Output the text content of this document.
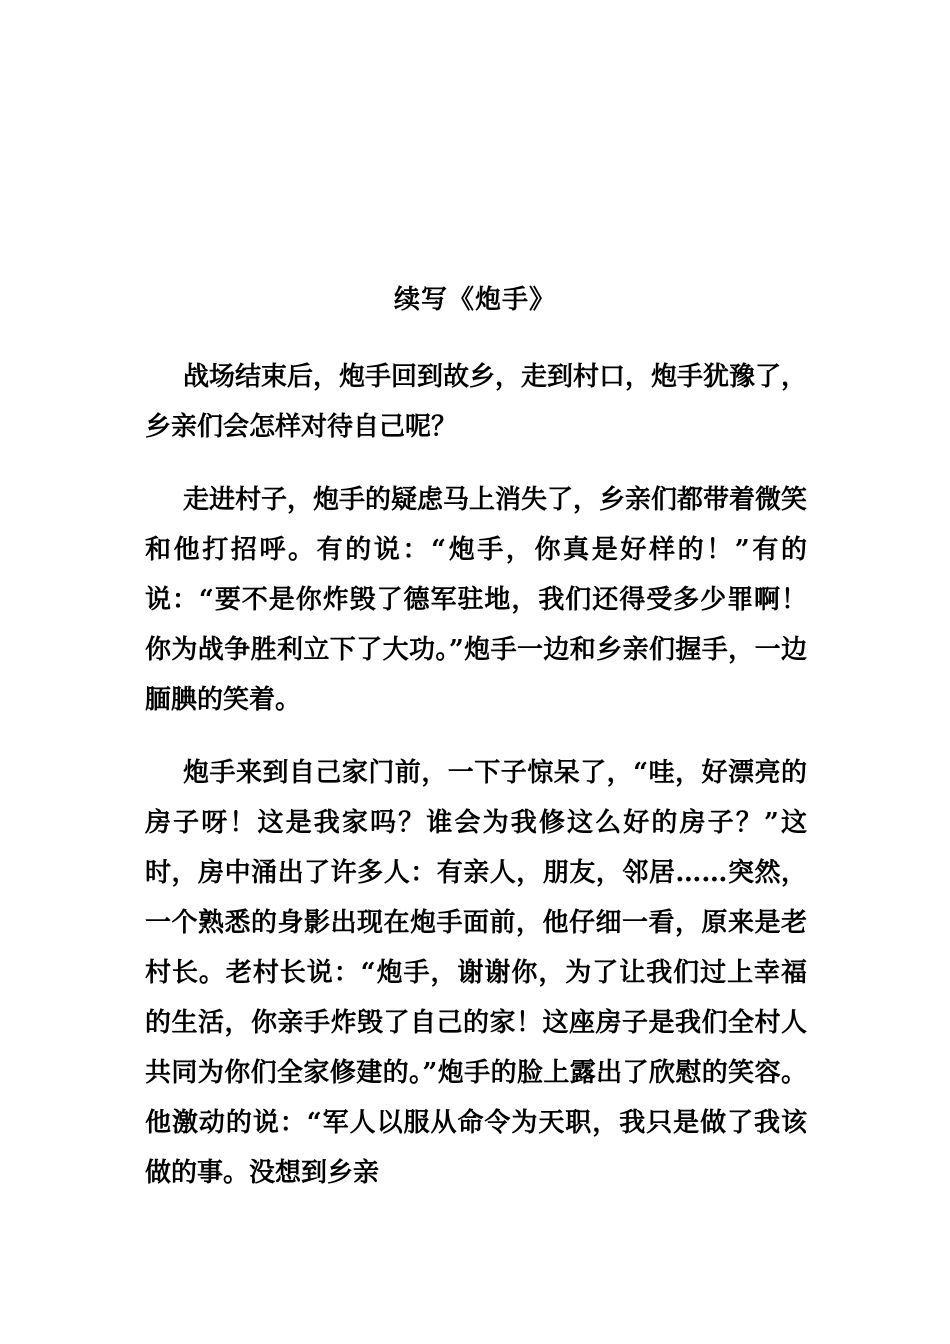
续写《炮手》

战场结束后，炮手回到故乡，走到村口，炮手犹豫了，乡亲们会怎样对待自己呢？

走进村子，炮手的疑虑马上消失了，乡亲们都带着微笑和他打招呼。有的说：“炮手，你真是好样的！”有的说：“要不是你炸毁了德军驻地，我们还得受多少罪啊！你为战争胜利立下了大功。”炮手一边和乡亲们握手，一边腼腆的笑着。

炮手来到自己家门前，一下子惊呆了，“哇，好漂亮的房子呀！这是我家吗？谁会为我修这么好的房子？”这时，房中涌出了许多人：有亲人，朋友，邻居……突然，一个熟悉的身影出现在炮手面前，他仔细一看，原来是老村长。老村长说：“炮手，谢谢你，为了让我们过上幸福的生活，你亲手炸毁了自己的家！这座房子是我们全村人共同为你们全家修建的。”炮手的脸上露出了欣慰的笑容。他激动的说：“军人以服从命令为天职，我只是做了我该做的事。没想到乡亲
